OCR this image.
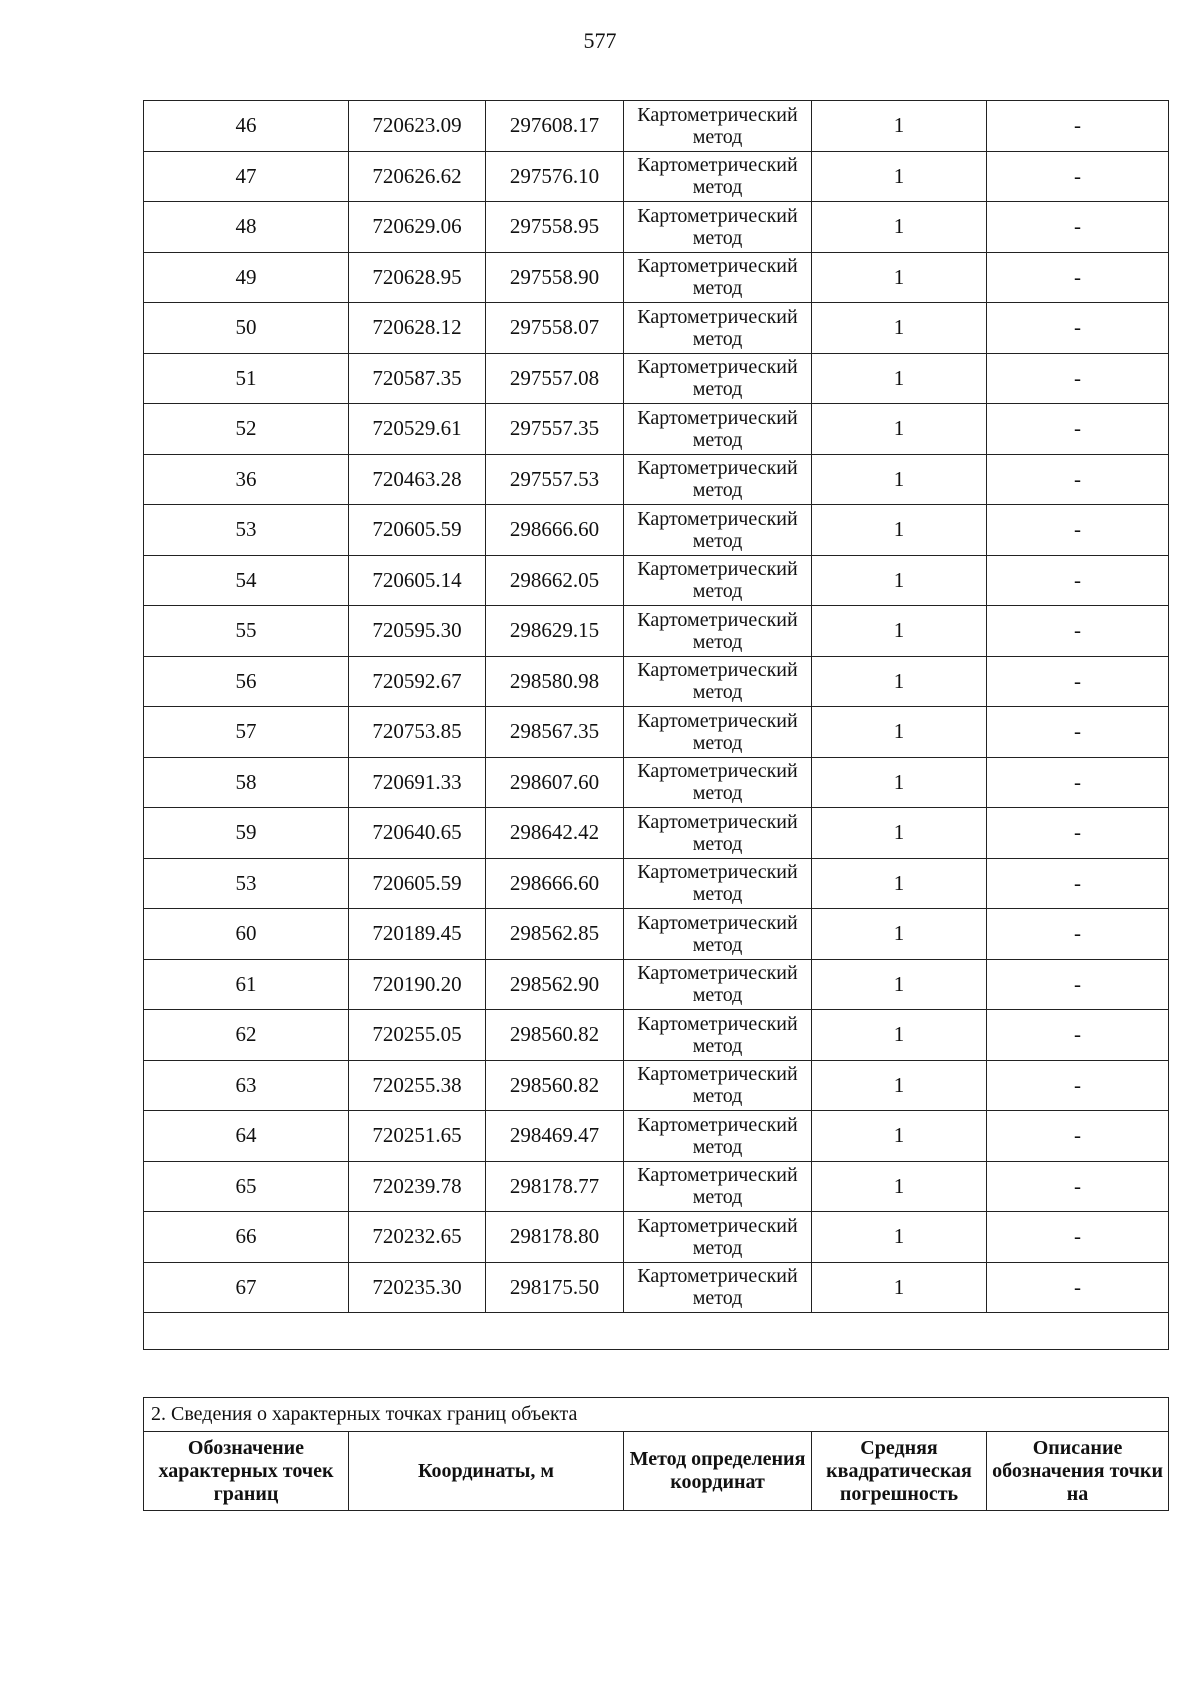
577
46	720623.09	297608.17	Картометрический метод	1	-
47	720626.62	297576.10	Картометрический метод	1	-
48	720629.06	297558.95	Картометрический метод	1	-
49	720628.95	297558.90	Картометрический метод	1	-
50	720628.12	297558.07	Картометрический метод	1	-
51	720587.35	297557.08	Картометрический метод	1	-
52	720529.61	297557.35	Картометрический метод	1	-
36	720463.28	297557.53	Картометрический метод	1	-
53	720605.59	298666.60	Картометрический метод	1	-
54	720605.14	298662.05	Картометрический метод	1	-
55	720595.30	298629.15	Картометрический метод	1	-
56	720592.67	298580.98	Картометрический метод	1	-
57	720753.85	298567.35	Картометрический метод	1	-
58	720691.33	298607.60	Картометрический метод	1	-
59	720640.65	298642.42	Картометрический метод	1	-
53	720605.59	298666.60	Картометрический метод	1	-
60	720189.45	298562.85	Картометрический метод	1	-
61	720190.20	298562.90	Картометрический метод	1	-
62	720255.05	298560.82	Картометрический метод	1	-
63	720255.38	298560.82	Картометрический метод	1	-
64	720251.65	298469.47	Картометрический метод	1	-
65	720239.78	298178.77	Картометрический метод	1	-
66	720232.65	298178.80	Картометрический метод	1	-
67	720235.30	298175.50	Картометрический метод	1	-

2. Сведения о характерных точках границ объекта
Обозначение характерных точек границ	Координаты, м	Метод определения координат	Средняя квадратическая погрешность	Описание обозначения точки на
